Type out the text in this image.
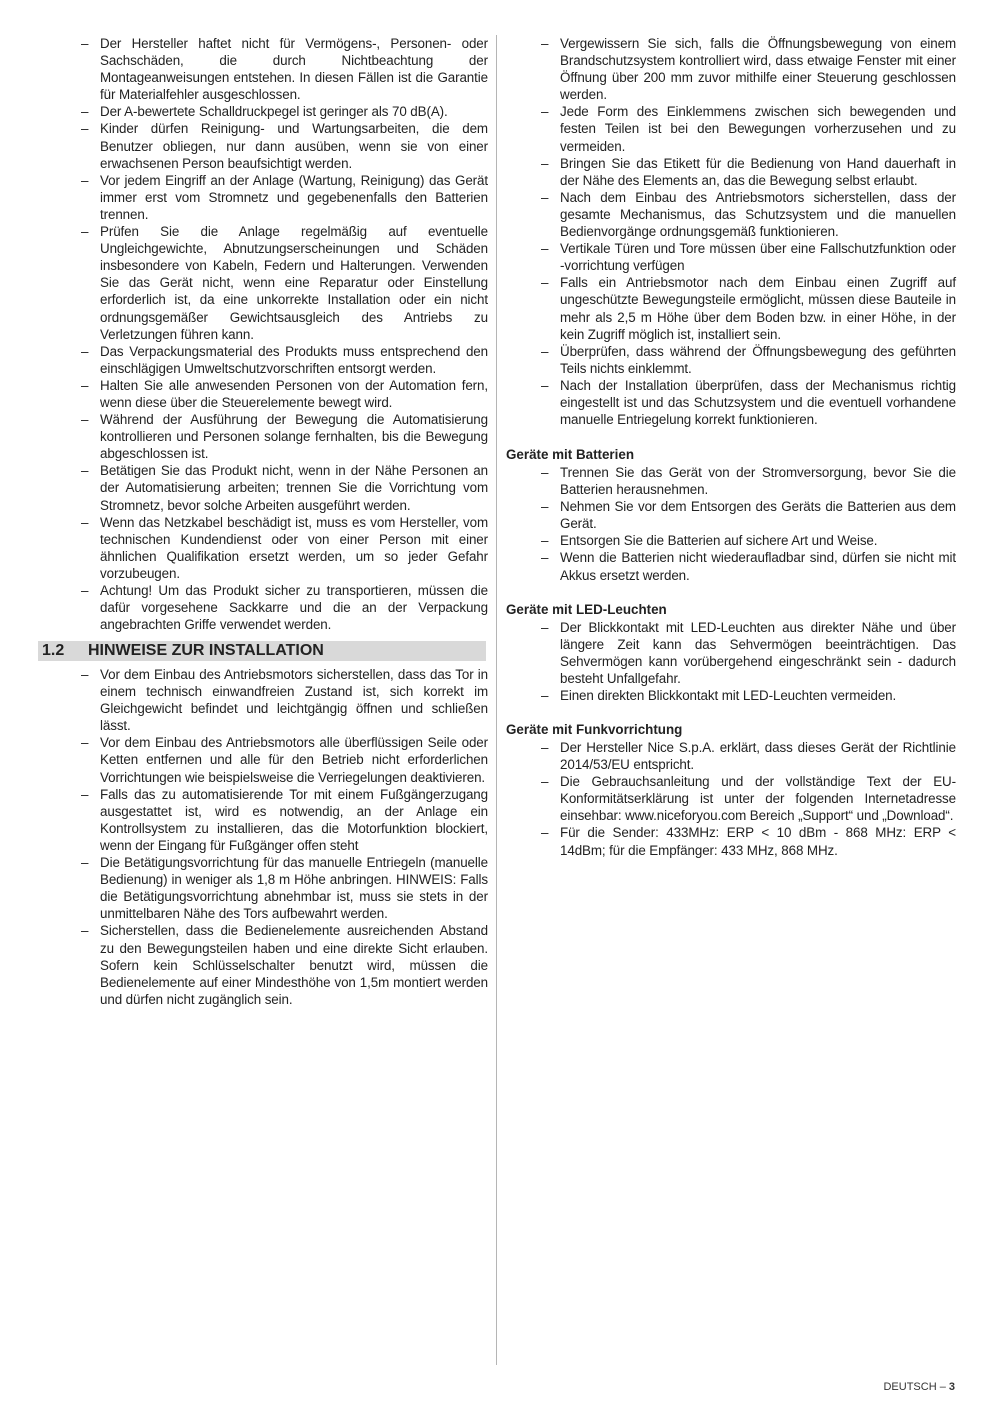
– Der Hersteller haftet nicht für Vermögens-, Personen- oder Sachschäden, die durch Nichtbeachtung der Montageanweisungen entstehen. In diesen Fällen ist die Garantie für Materialfehler ausgeschlossen.
– Der A-bewertete Schalldruckpegel ist geringer als 70 dB(A).
– Kinder dürfen Reinigung- und Wartungsarbeiten, die dem Benutzer obliegen, nur dann ausüben, wenn sie von einer erwachsenen Person beaufsichtigt werden.
– Vor jedem Eingriff an der Anlage (Wartung, Reinigung) das Gerät immer erst vom Stromnetz und gegebenenfalls den Batterien trennen.
– Prüfen Sie die Anlage regelmäßig auf eventuelle Ungleichgewichte, Abnutzungserscheinungen und Schäden insbesondere von Kabeln, Federn und Halterungen. Verwenden Sie das Gerät nicht, wenn eine Reparatur oder Einstellung erforderlich ist, da eine unkorrekte Installation oder ein nicht ordnungsgemäßer Gewichtsausgleich des Antriebs zu Verletzungen führen kann.
– Das Verpackungsmaterial des Produkts muss entsprechend den einschlägigen Umweltschutzvorschriften entsorgt werden.
– Halten Sie alle anwesenden Personen von der Automation fern, wenn diese über die Steuerelemente bewegt wird.
– Während der Ausführung der Bewegung die Automatisierung kontrollieren und Personen solange fernhalten, bis die Bewegung abgeschlossen ist.
– Betätigen Sie das Produkt nicht, wenn in der Nähe Personen an der Automatisierung arbeiten; trennen Sie die Vorrichtung vom Stromnetz, bevor solche Arbeiten ausgeführt werden.
– Wenn das Netzkabel beschädigt ist, muss es vom Hersteller, vom technischen Kundendienst oder von einer Person mit einer ähnlichen Qualifikation ersetzt werden, um so jeder Gefahr vorzubeugen.
– Achtung! Um das Produkt sicher zu transportieren, müssen die dafür vorgesehene Sackkarre und die an der Verpackung angebrachten Griffe verwendet werden.
1.2	HINWEISE ZUR INSTALLATION
– Vor dem Einbau des Antriebsmotors sicherstellen, dass das Tor in einem technisch einwandfreien Zustand ist, sich korrekt im Gleichgewicht befindet und leichtgängig öffnen und schließen lässt.
– Vor dem Einbau des Antriebsmotors alle überflüssigen Seile oder Ketten entfernen und alle für den Betrieb nicht erforderlichen Vorrichtungen wie beispielsweise die Verriegelungen deaktivieren.
– Falls das zu automatisierende Tor mit einem Fußgängerzugang ausgestattet ist, wird es notwendig, an der Anlage ein Kontrollsystem zu installieren, das die Motorfunktion blockiert, wenn der Eingang für Fußgänger offen steht
– Die Betätigungsvorrichtung für das manuelle Entriegeln (manuelle Bedienung) in weniger als 1,8 m Höhe anbringen. HINWEIS: Falls die Betätigungsvorrichtung abnehmbar ist, muss sie stets in der unmittelbaren Nähe des Tors aufbewahrt werden.
– Sicherstellen, dass die Bedienelemente ausreichenden Abstand zu den Bewegungsteilen haben und eine direkte Sicht erlauben. Sofern kein Schlüsselschalter benutzt wird, müssen die Bedienelemente auf einer Mindesthöhe von 1,5m montiert werden und dürfen nicht zugänglich sein.
– Vergewissern Sie sich, falls die Öffnungsbewegung von einem Brandschutzsystem kontrolliert wird, dass etwaige Fenster mit einer Öffnung über 200 mm zuvor mithilfe einer Steuerung geschlossen werden.
– Jede Form des Einklemmens zwischen sich bewegenden und festen Teilen ist bei den Bewegungen vorherzusehen und zu vermeiden.
– Bringen Sie das Etikett für die Bedienung von Hand dauerhaft in der Nähe des Elements an, das die Bewegung selbst erlaubt.
– Nach dem Einbau des Antriebsmotors sicherstellen, dass der gesamte Mechanismus, das Schutzsystem und die manuellen Bedienvorgänge ordnungsgemäß funktionieren.
– Vertikale Türen und Tore müssen über eine Fallschutzfunktion oder -vorrichtung verfügen
– Falls ein Antriebsmotor nach dem Einbau einen Zugriff auf ungeschützte Bewegungsteile ermöglicht, müssen diese Bauteile in mehr als 2,5 m Höhe über dem Boden bzw. in einer Höhe, in der kein Zugriff möglich ist, installiert sein.
– Überprüfen, dass während der Öffnungsbewegung des geführten Teils nichts einklemmt.
– Nach der Installation überprüfen, dass der Mechanismus richtig eingestellt ist und das Schutzsystem und die eventuell vorhandene manuelle Entriegelung korrekt funktionieren.
Geräte mit Batterien
– Trennen Sie das Gerät von der Stromversorgung, bevor Sie die Batterien herausnehmen.
– Nehmen Sie vor dem Entsorgen des Geräts die Batterien aus dem Gerät.
– Entsorgen Sie die Batterien auf sichere Art und Weise.
– Wenn die Batterien nicht wiederaufladbar sind, dürfen sie nicht mit Akkus ersetzt werden.
Geräte mit LED-Leuchten
– Der Blickkontakt mit LED-Leuchten aus direkter Nähe und über längere Zeit kann das Sehvermögen beeinträchtigen. Das Sehvermögen kann vorübergehend eingeschränkt sein - dadurch besteht Unfallgefahr.
– Einen direkten Blickkontakt mit LED-Leuchten vermeiden.
Geräte mit Funkvorrichtung
– Der Hersteller Nice S.p.A. erklärt, dass dieses Gerät der Richtlinie 2014/53/EU entspricht.
– Die Gebrauchsanleitung und der vollständige Text der EU-Konformitätserklärung ist unter der folgenden Internetadresse einsehbar: www.niceforyou.com Bereich „Support“ und „Download“.
– Für die Sender: 433MHz: ERP < 10 dBm - 868 MHz: ERP < 14dBm; für die Empfänger: 433 MHz, 868 MHz.
DEUTSCH – 3
